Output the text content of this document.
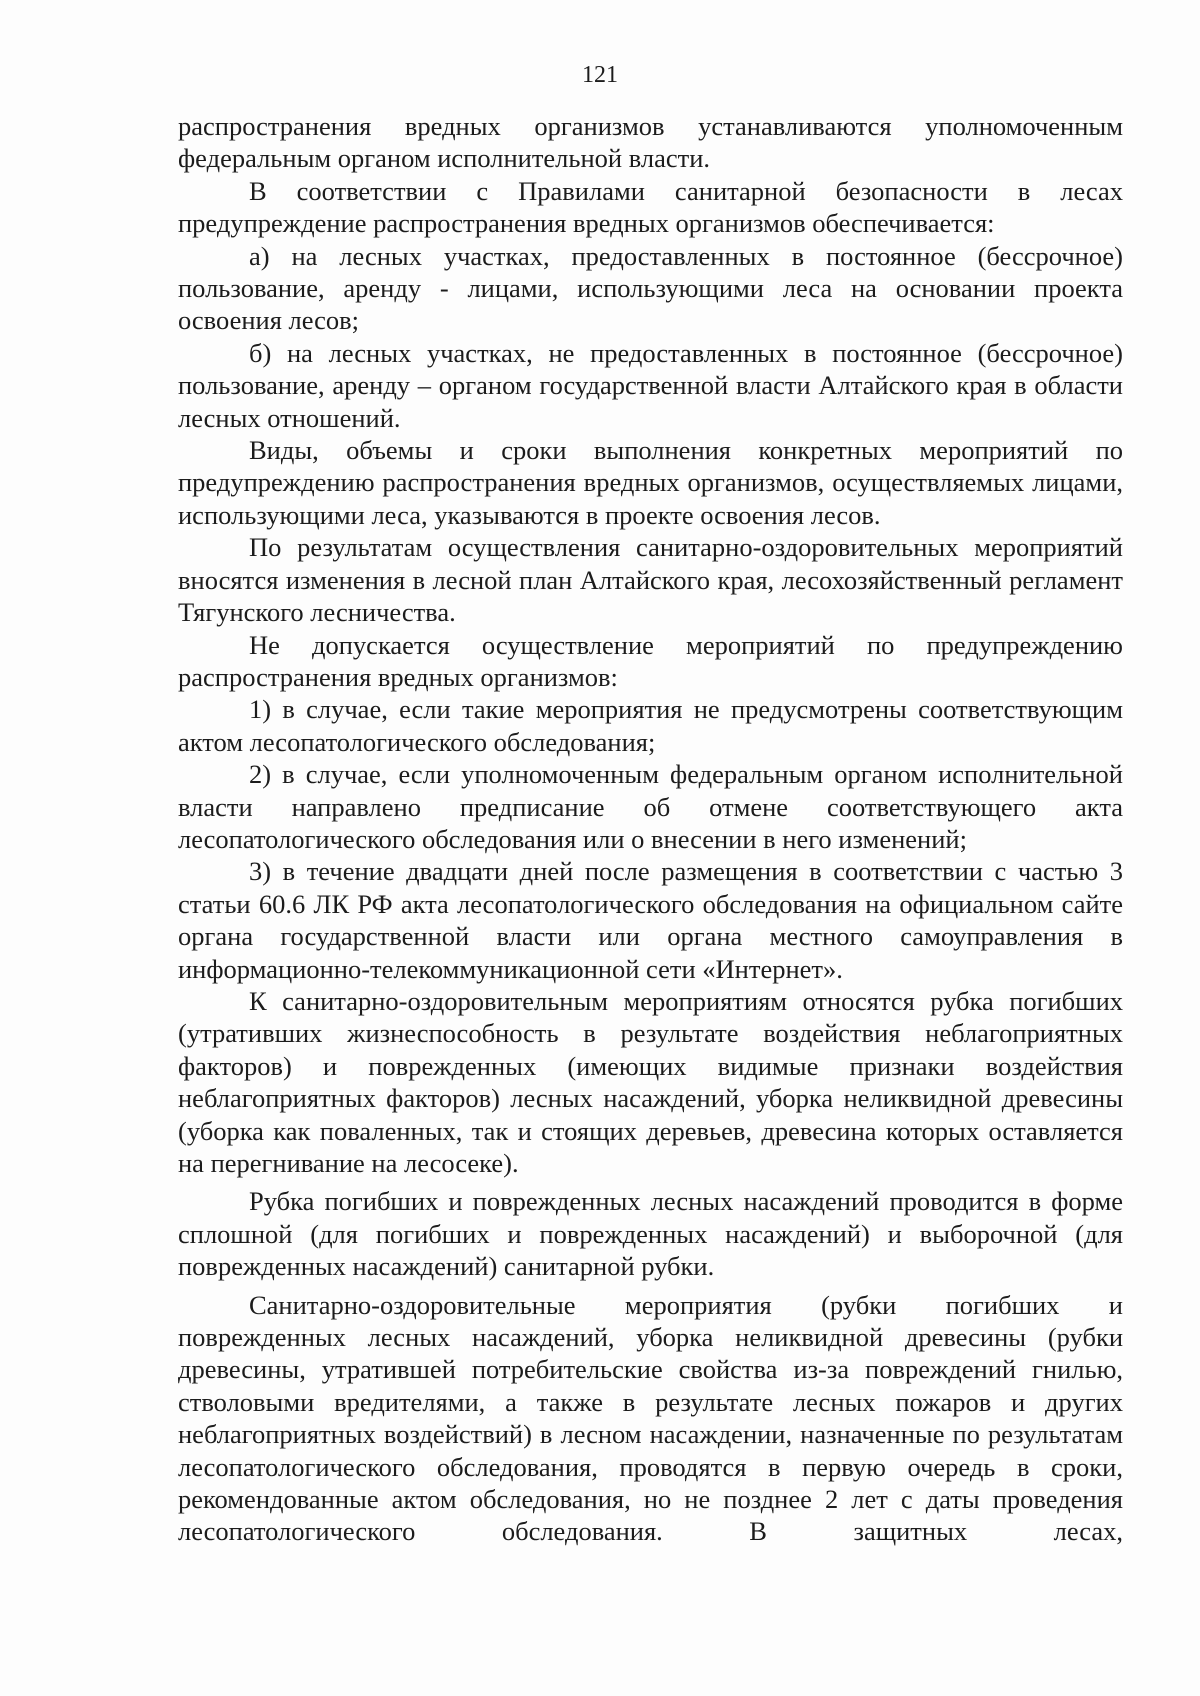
121

распространения вредных организмов устанавливаются уполномоченным федеральным органом исполнительной власти.

В соответствии с Правилами санитарной безопасности в лесах предупреждение распространения вредных организмов обеспечивается:

а) на лесных участках, предоставленных в постоянное (бессрочное) пользование, аренду - лицами, использующими леса на основании проекта освоения лесов;

б) на лесных участках, не предоставленных в постоянное (бессрочное) пользование, аренду – органом государственной власти Алтайского края в области лесных отношений.

Виды, объемы и сроки выполнения конкретных мероприятий по предупреждению распространения вредных организмов, осуществляемых лицами, использующими леса, указываются в проекте освоения лесов.

По результатам осуществления санитарно-оздоровительных мероприятий вносятся изменения в лесной план Алтайского края, лесохозяйственный регламент Тягунского лесничества.

Не допускается осуществление мероприятий по предупреждению распространения вредных организмов:

1) в случае, если такие мероприятия не предусмотрены соответствующим актом лесопатологического обследования;

2) в случае, если уполномоченным федеральным органом исполнительной власти направлено предписание об отмене соответствующего акта лесопатологического обследования или о внесении в него изменений;

3) в течение двадцати дней после размещения в соответствии с частью 3 статьи 60.6 ЛК РФ акта лесопатологического обследования на официальном сайте органа государственной власти или органа местного самоуправления в информационно-телекоммуникационной сети «Интернет».

К санитарно-оздоровительным мероприятиям относятся рубка погибших (утративших жизнеспособность в результате воздействия неблагоприятных факторов) и поврежденных (имеющих видимые признаки воздействия неблагоприятных факторов) лесных насаждений, уборка неликвидной древесины (уборка как поваленных, так и стоящих деревьев, древесина которых оставляется на перегнивание на лесосеке).

Рубка погибших и поврежденных лесных насаждений проводится в форме сплошной (для погибших и поврежденных насаждений) и выборочной (для поврежденных насаждений) санитарной рубки.

Санитарно-оздоровительные мероприятия (рубки погибших и поврежденных лесных насаждений, уборка неликвидной древесины (рубки древесины, утратившей потребительские свойства из-за повреждений гнилью, стволовыми вредителями, а также в результате лесных пожаров и других неблагоприятных воздействий) в лесном насаждении, назначенные по результатам лесопатологического обследования, проводятся в первую очередь в сроки, рекомендованные актом обследования, но не позднее 2 лет с даты проведения лесопатологического обследования. В защитных лесах,
